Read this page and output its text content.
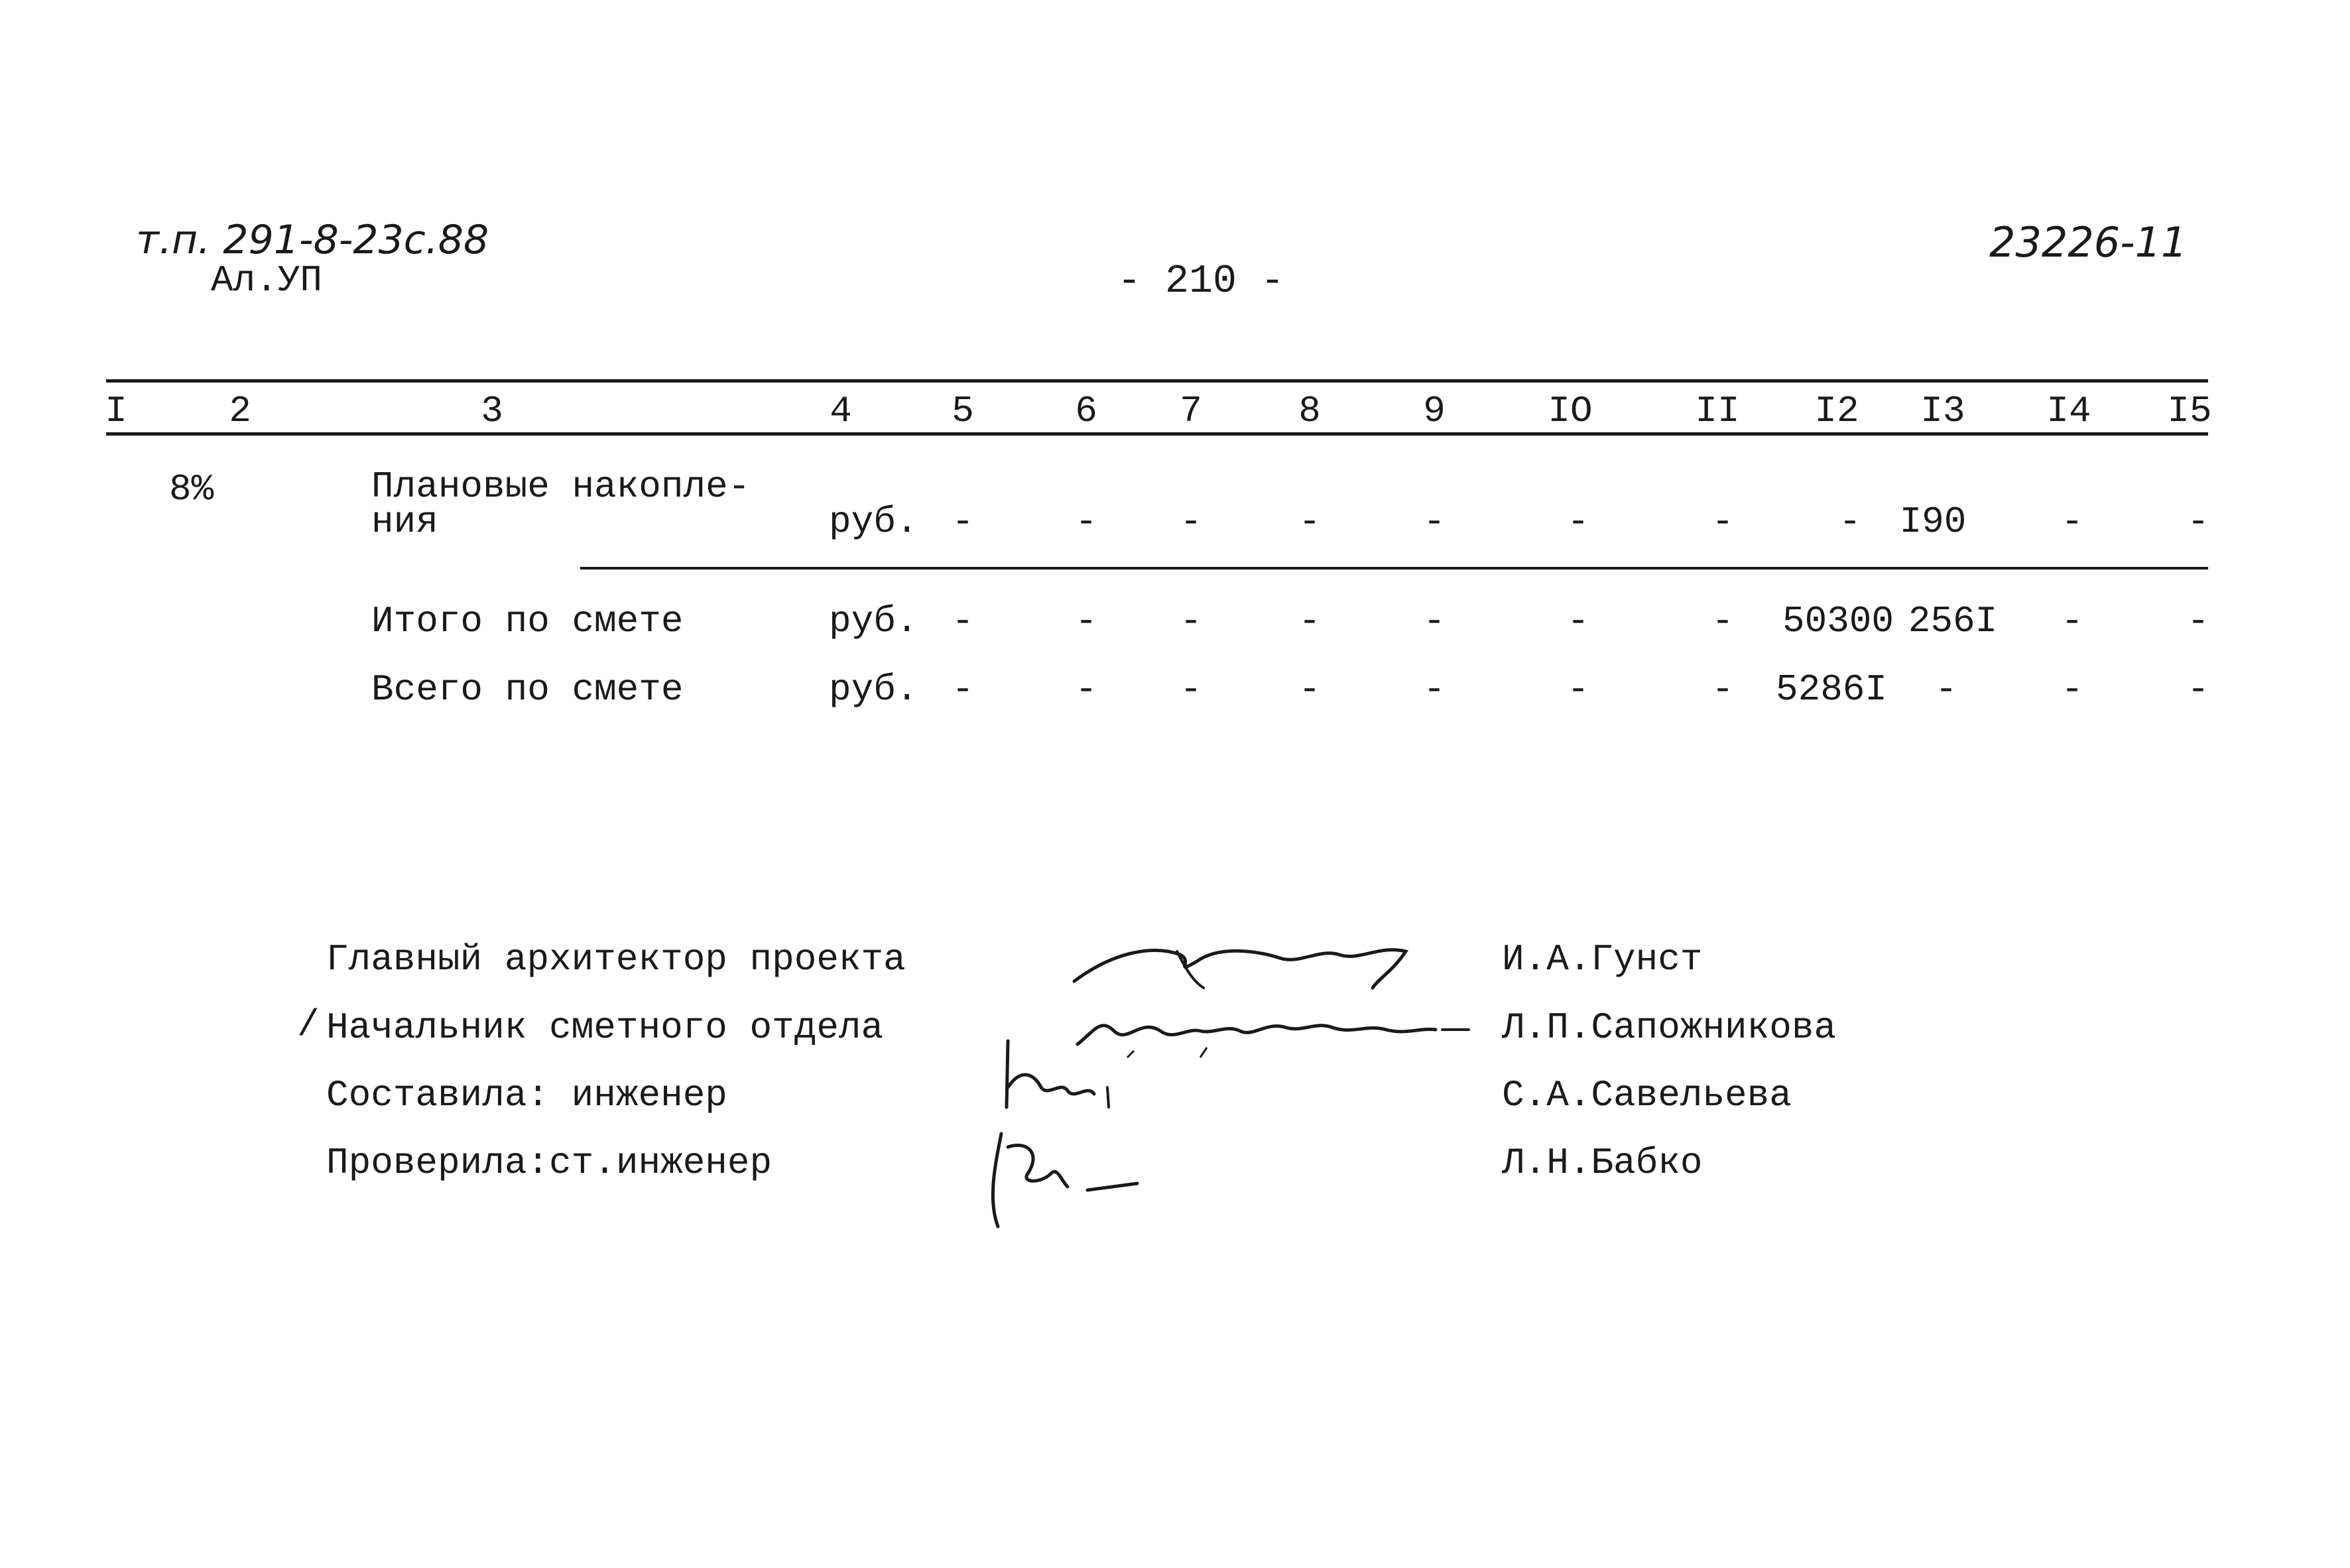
т.п. 291-8-23с.88
Ал.УП	- 210 -
23226-11
I	2	3	4	5	6	7	8	9	IO	II	I2	I3	I4	I5
8%	Плановые накопле-
ния	руб. -	-	-	-	-	-	-	-	I90	-	-
Итого по смете	руб. -	-	-	-	-	-	-	50300 256I	-	-
Всего по смете	руб. -	-	-	-	-	-	-	5286I	-	-	-
Главный архитектор проекта	И.А.Гунст
/ Начальник сметного отдела	Л.П.Сапожникова
Составила: инженер	С.А.Савельева
Проверила:ст.инженер	Л.Н.Бабко
